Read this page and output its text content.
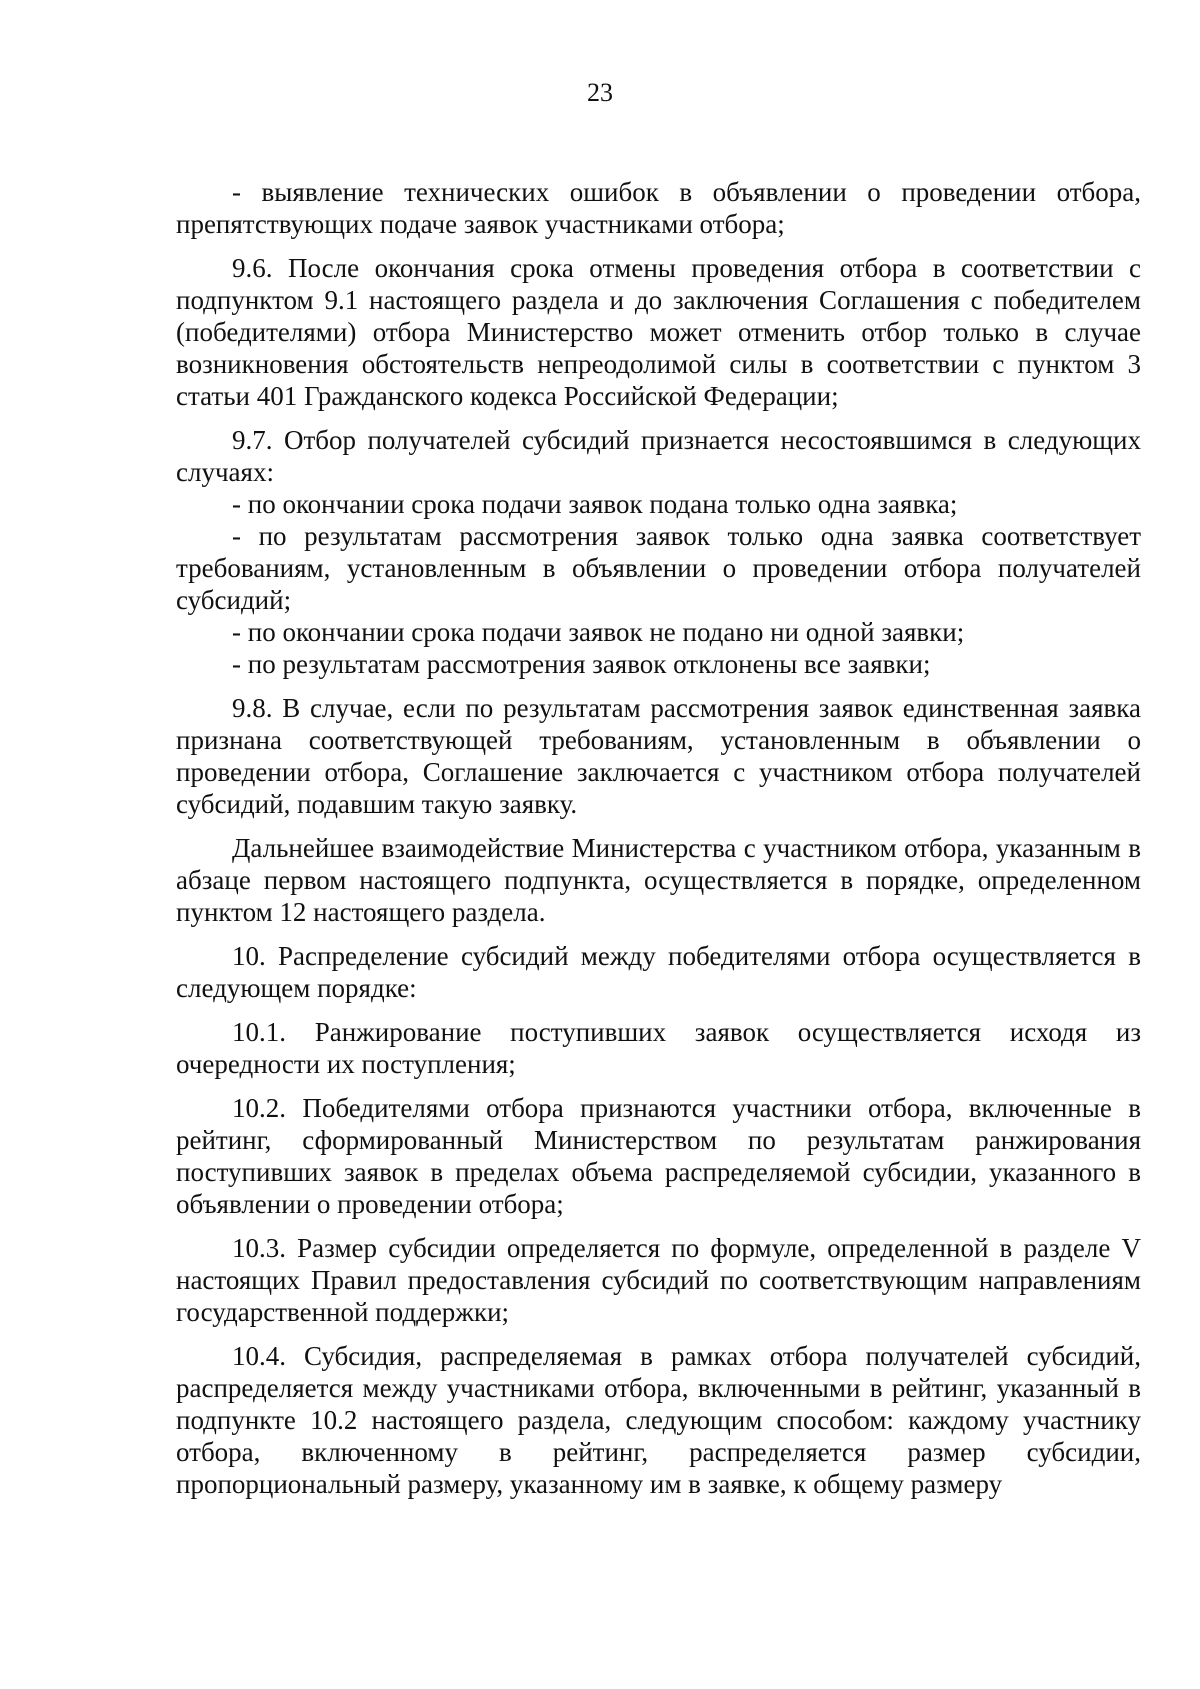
23

- выявление технических ошибок в объявлении о проведении отбора, препятствующих подаче заявок участниками отбора;

9.6. После окончания срока отмены проведения отбора в соответствии с подпунктом 9.1 настоящего раздела и до заключения Соглашения с победителем (победителями) отбора Министерство может отменить отбор только в случае возникновения обстоятельств непреодолимой силы в соответствии с пунктом 3 статьи 401 Гражданского кодекса Российской Федерации;

9.7. Отбор получателей субсидий признается несостоявшимся в следующих случаях:

- по окончании срока подачи заявок подана только одна заявка;

- по результатам рассмотрения заявок только одна заявка соответствует требованиям, установленным в объявлении о проведении отбора получателей субсидий;

- по окончании срока подачи заявок не подано ни одной заявки;

- по результатам рассмотрения заявок отклонены все заявки;

9.8. В случае, если по результатам рассмотрения заявок единственная заявка признана соответствующей требованиям, установленным в объявлении о проведении отбора, Соглашение заключается с участником отбора получателей субсидий, подавшим такую заявку.

Дальнейшее взаимодействие Министерства с участником отбора, указанным в абзаце первом настоящего подпункта, осуществляется в порядке, определенном пунктом 12 настоящего раздела.

10. Распределение субсидий между победителями отбора осуществляется в следующем порядке:

10.1. Ранжирование поступивших заявок осуществляется исходя из очередности их поступления;

10.2. Победителями отбора признаются участники отбора, включенные в рейтинг, сформированный Министерством по результатам ранжирования поступивших заявок в пределах объема распределяемой субсидии, указанного в объявлении о проведении отбора;

10.3. Размер субсидии определяется по формуле, определенной в разделе V настоящих Правил предоставления субсидий по соответствующим направлениям государственной поддержки;

10.4. Субсидия, распределяемая в рамках отбора получателей субсидий, распределяется между участниками отбора, включенными в рейтинг, указанный в подпункте 10.2 настоящего раздела, следующим способом: каждому участнику отбора, включенному в рейтинг, распределяется размер субсидии, пропорциональный размеру, указанному им в заявке, к общему размеру
